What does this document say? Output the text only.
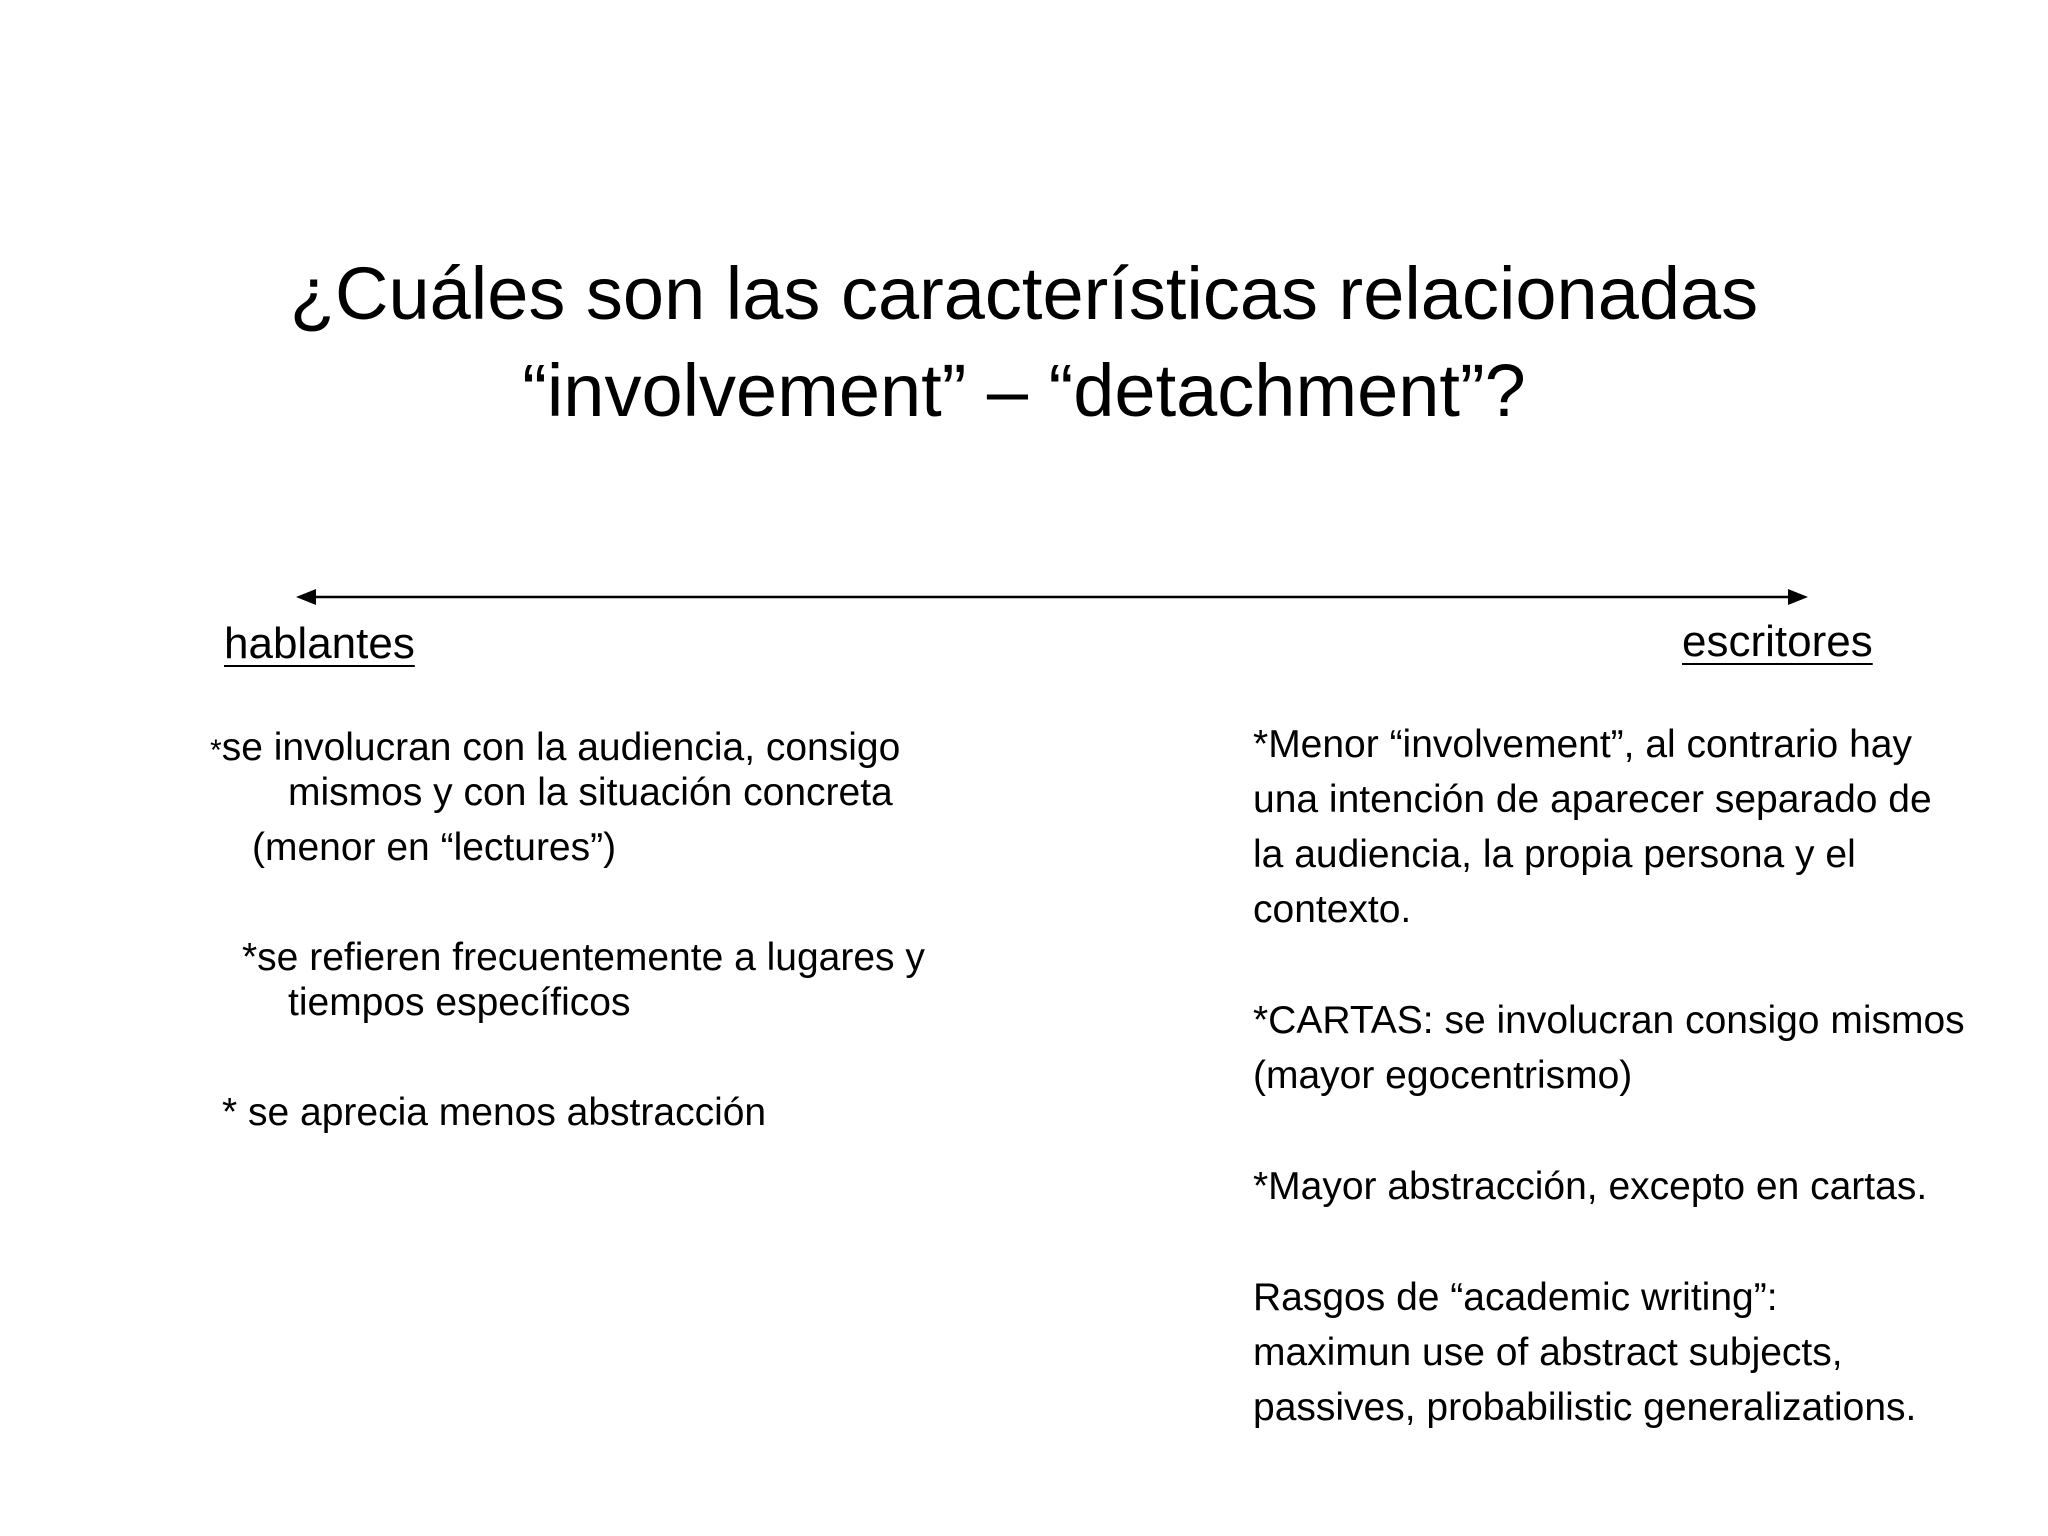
¿Cuáles son las características relacionadas
“involvement” – “detachment”?
hablantes	escritores
*se involucran con la audiencia, consigo
mismos y con la situación concreta
(menor en “lectures”)
*se refieren frecuentemente a lugares y
tiempos específicos
* se aprecia menos abstracción
*Menor “involvement”, al contrario hay
una intención de aparecer separado de
la audiencia, la propia persona y el
contexto.
*CARTAS: se involucran consigo mismos
(mayor egocentrismo)
*Mayor abstracción, excepto en cartas.
Rasgos de “academic writing”:
maximun use of abstract subjects,
passives, probabilistic generalizations.
